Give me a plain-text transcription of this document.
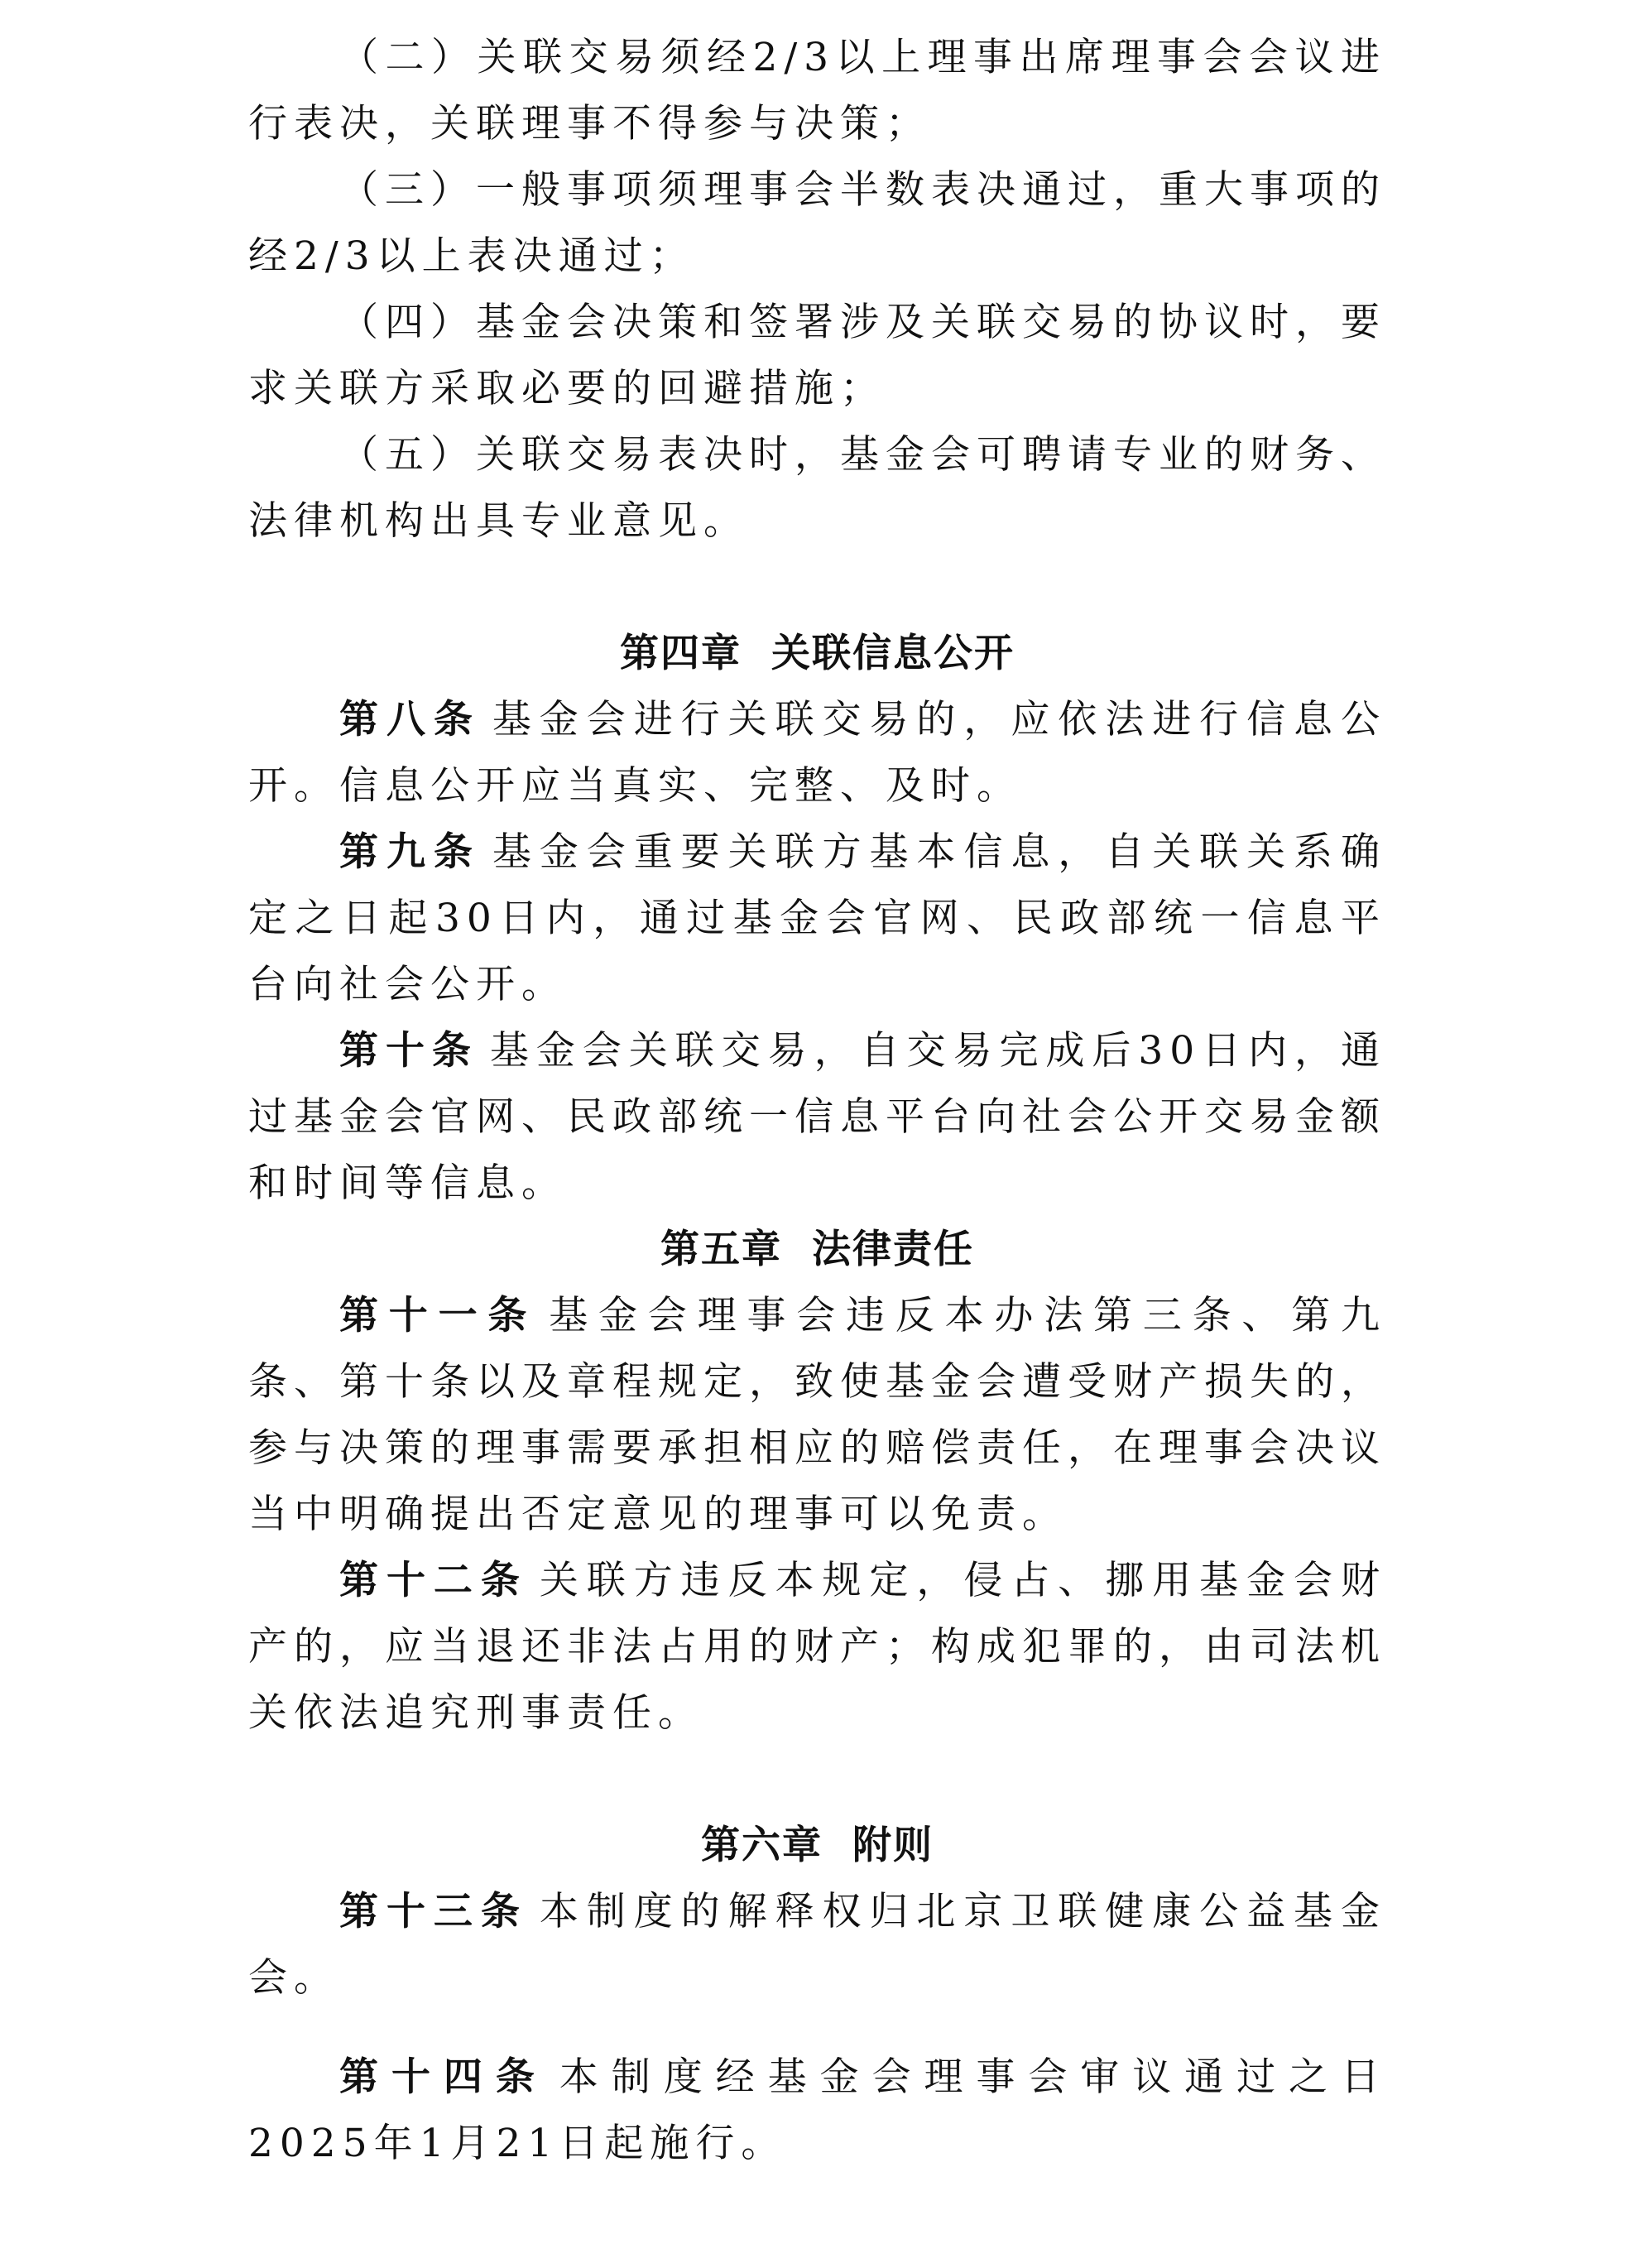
（二）关联交易须经2/3以上理事出席理事会会议进行表决，关联理事不得参与决策；

（三）一般事项须理事会半数表决通过，重大事项的经2/3以上表决通过；

（四）基金会决策和签署涉及关联交易的协议时，要求关联方采取必要的回避措施；

（五）关联交易表决时，基金会可聘请专业的财务、法律机构出具专业意见。

第四章 关联信息公开

第八条 基金会进行关联交易的，应依法进行信息公开。信息公开应当真实、完整、及时。

第九条 基金会重要关联方基本信息，自关联关系确定之日起30日内，通过基金会官网、民政部统一信息平台向社会公开。

第十条 基金会关联交易，自交易完成后30日内，通过基金会官网、民政部统一信息平台向社会公开交易金额和时间等信息。

第五章 法律责任

第十一条 基金会理事会违反本办法第三条、第九条、第十条以及章程规定，致使基金会遭受财产损失的，参与决策的理事需要承担相应的赔偿责任，在理事会决议当中明确提出否定意见的理事可以免责。

第十二条 关联方违反本规定，侵占、挪用基金会财产的，应当退还非法占用的财产；构成犯罪的，由司法机关依法追究刑事责任。

第六章 附则

第十三条 本制度的解释权归北京卫联健康公益基金会。

第十四条 本制度经基金会理事会审议通过之日2025年1月21日起施行。
